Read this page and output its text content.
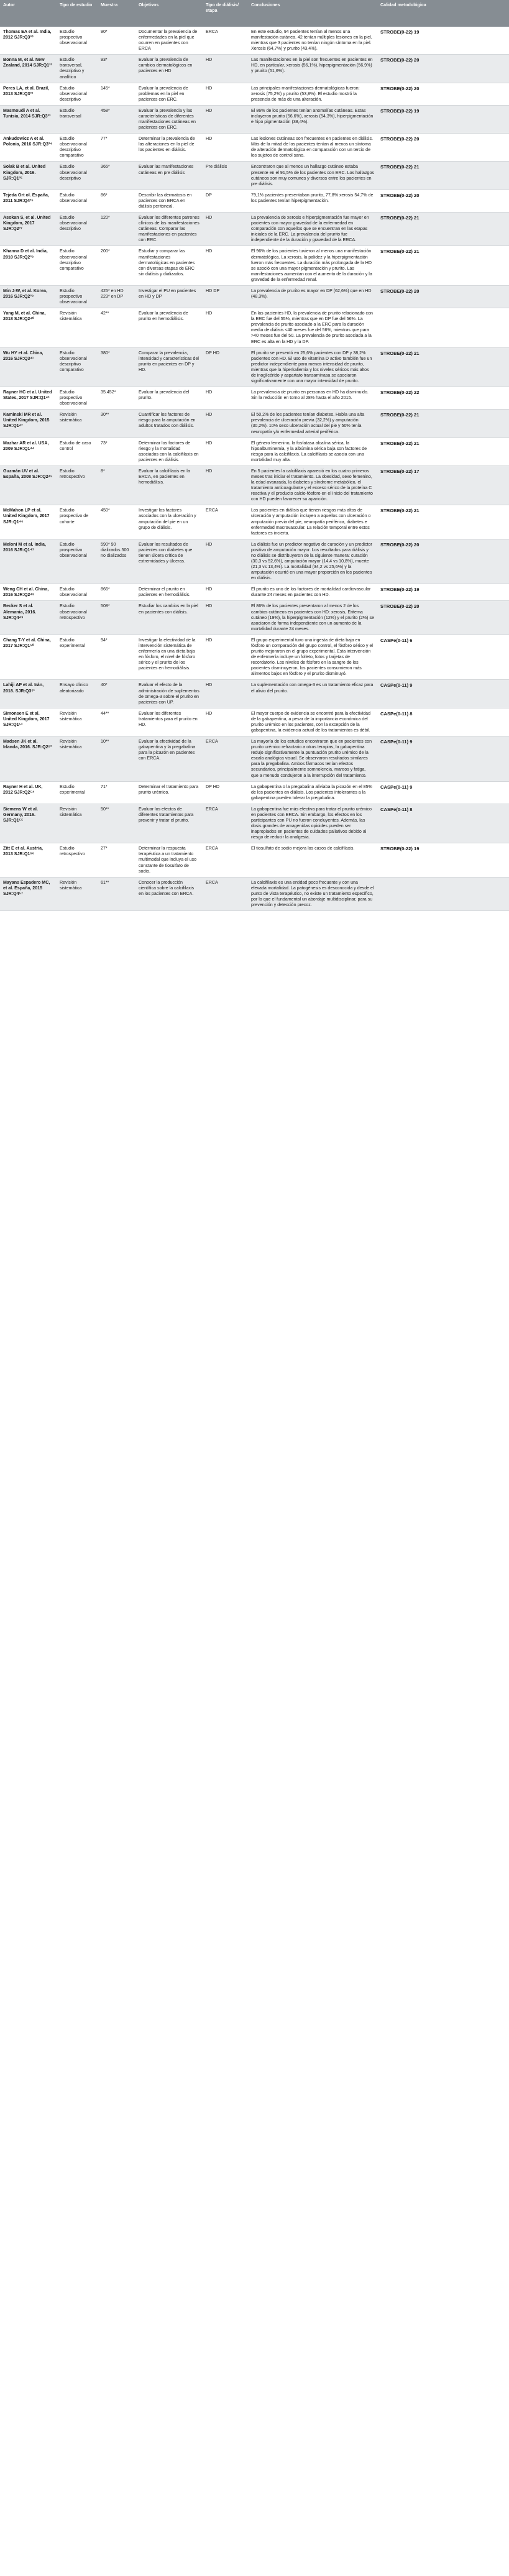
Autor	Tipo de estudio	Muestra	Objetivos	Tipo de diálisis/ etapa	Conclusiones	Calidad metodológica
Thomas EA et al. India, 2012 SJR:Q3³⁰	Estudio prospectivo observacional	90*	Documentar la prevalencia de enfermedades en la piel que ocurren en pacientes con ERCA	ERCA	En este estudio, 94 pacientes tenían al menos una manifestación cutánea. 42 tenían múltiples lesiones en la piel, mientras que 3 pacientes no tenían ningún síntoma en la piel. Xerosis (64,7%) y prurito (43,4%).	STROBE(0-22) 19
Bonna M, et al. New Zealand, 2014 SJR:Q1³¹	Estudio transversal, descriptivo y analítico	93*	Evaluar la prevalencia de cambios dermatológicos en pacientes en HD	HD	Las manifestaciones en la piel son frecuentes en pacientes en HD, en particular, xerosis (56,1%), hiperpigmentación (56,9%) y prurito (51,6%).	STROBE(0-22) 20
Peres LA, et al. Brazil, 2013 SJR:Q3³²	Estudio observacional descriptivo	145*	Evaluar la prevalencia de problemas en la piel en pacientes con ERC.	HD	Las principales manifestaciones dermatológicas fueron: xerosis (75,2%) y prurito (53,8%). El estudio mostró la presencia de más de una alteración.	STROBE(0-22) 20
Masmoudi A et al. Tunisia, 2014 SJR:Q3³³	Estudio transversal	458*	Evaluar la prevalencia y las características de diferentes manifestaciones cutáneas en pacientes con ERC.	HD	El 86% de los pacientes tenían anomalías cutáneas. Estas incluyeron prurito (56,6%), xerosis (54,3%), hiperpigmentación e hipo pigmentación (38,4%).	STROBE(0-22) 19
Ankudowicz A et al. Polonia, 2016 SJR:Q3³⁴	Estudio observacional descriptivo comparativo	77*	Determinar la prevalencia de las alteraciones en la piel de los pacientes en diálisis.	HD	Las lesiones cutáneas son frecuentes en pacientes en diálisis. Más de la mitad de los pacientes tenían al menos un síntoma de alteración dermatológica en comparación con un tercio de los sujetos de control sano.	STROBE(0-22) 20
Solak B et al. United Kingdom, 2016. SJR:Q1³⁵	Estudio observacional descriptivo	365*	Evaluar las manifestaciones cutáneas en pre diálisis	Pre diálisis	Encontraron que al menos un hallazgo cutáneo estaba presente en el 91,5% de los pacientes con ERC. Los hallazgos cutáneos son muy comunes y diversos entre los pacientes en pre diálisis.	STROBE(0-22) 21
Tejeda Ort ol. España, 2011 SJR:Q4³⁶	Estudio observacional	86*	Describir las dermatosis en pacientes con ERCA en diálisis peritoneal.	DP	79,1% pacientes presentaban prurito, 77,8% xerosis 54,7% de los pacientes tenían hiperpigmentación.	STROBE(0-22) 20
Asokan S, et al. United Kingdom, 2017 SJR:Q2³⁷	Estudio observacional descriptivo	120*	Evaluar los diferentes patrones clínicos de las manifestaciones cutáneas. Comparar las manifestaciones en pacientes con ERC.	HD	La prevalencia de xerosis e hiperpigmentación fue mayor en pacientes con mayor gravedad de la enfermedad en comparación con aquellos que se encuentran en las etapas iniciales de la ERC. La prevalencia del prurito fue independiente de la duración y gravedad de la ERCA.	STROBE(0-22) 21
Khanna D et al. India, 2010 SJR:Q2³⁸	Estudio observacional descriptivo comparativo	200*	Estudiar y comparar las manifestaciones dermatológicas en pacientes con diversas etapas de ERC sin diálisis y dializados.	HD	El 96% de los pacientes tuvieron al menos una manifestación dermatológica. La xerosis, la palidez y la hiperpigmentación fueron más frecuentes. La duración más prolongada de la HD se asoció con una mayor pigmentación y prurito. Las manifestaciones aumentan con el aumento de la duración y la gravedad de la enfermedad renal.	STROBE(0-22) 21
Min J-W, et al. Korea, 2016 SJR:Q2³⁹	Estudio prospectivo observacional	425* en HD 223* en DP	Investigar el PU en pacientes en HD y DP	HD DP	La prevalencia de prurito es mayor en DP (62,6%) que en HD (48,3%).	STROBE(0-22) 20
Yang M, et al. China, 2018 SJR:Q2⁴⁰	Revisión sistemática	42**	Evaluar la prevalencia de prurito en hemodiálisis.	HD	En las pacientes HD, la prevalencia de prurito relacionado con la ERC fue del 55%, mientras que en DP fue del 56%. La prevalencia de prurito asociado a la ERC para la duración media de diálisis <40 meses fue del 56%, mientras que para >40 meses fue del 50. La prevalencia de prurito asociada a la ERC es alta en la HD y la DP.	
Wu HY et al. China, 2016 SJR:Q3⁴¹	Estudio observacional descriptivo comparativo	380*	Comparar la prevalencia, intensidad y características del prurito en pacientes en DP y HD.	DP HD	El prurito se presentó en 25,6% pacientes con DP y 38,2% pacientes con HD. El uso de vitamina D activo también fue un predictor independiente para menos intensidad de prurito, mientras que la hiperkaliemia y los niveles séricos más altos de inoglicérido y aspartato transaminasa se asociaron significativamente con una mayor intensidad de prurito.	STROBE(0-22) 21
Rayner HC et al. United States, 2017 SJR:Q1⁴²	Estudio prospectivo observacional	35.452*	Evaluar la prevalencia del prurito.	HD	La prevalencia de prurito en personas en HD ha disminuido. Sin la reducción en torno al 28% hasta el año 2015.	STROBE(0-22) 22
Kaminski MR et al. United Kingdom, 2015 SJR:Q1⁴³	Revisión sistemática	30**	Cuantificar los factores de riesgo para la amputación en adultos tratados con diálisis.	HD	El 50,2% de los pacientes tenían diabetes. Había una alta prevalencia de ulceración previa (32,2%) y amputación (30,2%). 10% sexo ulceración actual del pie y 50% tenía neuropatía y/o enfermedad arterial periférica.	STROBE(0-22) 21
Mazhar AR et al. USA, 2009 SJR:Q1⁴⁴	Estudio de caso control	73*	Determinar los factores de riesgo y la mortalidad asociados con la calcifilaxis en pacientes en diálisis.	HD	El género femenino, la fosfatasa alcalina sérica, la hipoalbuminemia, y la albúmina sérica baja son factores de riesgo para la calcifilaxis. La calcifilaxis se asocia con una mortalidad muy alta.	STROBE(0-22) 21
Guzmán UV et al. España, 2008 SJR:Q2⁴⁵	Estudio retrospectivo	8*	Evaluar la calcifilaxis en la ERCA, en pacientes en hemodiálisis.	HD	En 5 pacientes la calcifilaxis apareció en los cuatro primeros meses tras iniciar el tratamiento. La obesidad, sexo femenino, la edad avanzada, la diabetes y síndrome metabólico, el tratamiento anticoagulante y el exceso sérico de la proteína C reactiva y el producto calcio-fósforo en el inicio del tratamiento con HD pueden favorecer su aparición.	STROBE(0-22) 17
McMahon LP et al. United Kingdom, 2017 SJR:Q1⁴⁶	Estudio prospectivo de cohorte	450*	Investigar los factores asociados con la ulceración y amputación del pie en un grupo de diálisis.	ERCA	Los pacientes en diálisis que tienen riesgos más altos de ulceración y amputación incluyen a aquellos con ulceración o amputación previa del pie, neuropatía periférica, diabetes e enfermedad macrovascular. La relación temporal entre estos factores es incierta.	STROBE(0-22) 21
Meloni M et al. India, 2016 SJR:Q1⁴⁷	Estudio prospectivo observacional	590* 90 dializados 500 no dializados	Evaluar los resultados de pacientes con diabetes que tienen úlcera crítica de extremidades y úlceras.	HD	La diálisis fue un predictor negativo de curación y un predictor positivo de amputación mayor. Los resultados para diálisis y no diálisis se distribuyeron de la siguiente manera: curación (30,3 vs 52,6%), amputación mayor (14,4 vs 10,8%), muerte (21,3 vs 13,4%). La mortalidad (34,2 vs 25,6%) y la amputación ocurrió en una mayor proporción en los pacientes en diálisis.	STROBE(0-22) 20
Weng CH et al. China, 2016 SJR:Q2⁴⁸	Estudio observacional	866*	Determinar el prurito en pacientes en hemodiálisis.	HD	El prurito es uno de los factores de mortalidad cardiovascular durante 24 meses en pacientes con HD.	STROBE(0-22) 19
Becker S et al. Alemania, 2016. SJR:Q4⁴⁹	Estudio observacional retrospectivo	508*	Estudiar los cambios en la piel en pacientes con diálisis.	HD	El 86% de los pacientes presentaron al menos 2 de los cambios cutáneos en pacientes con HD: xerosis, Eritema cutáneo (19%), la hiperpigmentación (12%) y el prurito (2%) se asociaron de forma independiente con un aumento de la mortalidad durante 24 meses.	STROBE(0-22) 20
Chang T-Y et al. China, 2017 SJR:Q1⁵⁰	Estudio experimental	94*	Investigar la efectividad de la intervención sistemática de enfermería en una dieta baja en fósforo, el nivel de fósforo sérico y el prurito de los pacientes en hemodiálisis.	HD	El grupo experimental tuvo una ingesta de dieta baja en fósforo un comparación del grupo control, el fósforo sérico y el prurito mejoraron en el grupo experimental. Esta intervención de enfermería incluye un folleto, fotos y tarjetas de recordatorio. Los niveles de fósforo en la sangre de los pacientes disminuyeron, los pacientes consumieron más alimentos bajos en fósforo y el prurito disminuyó.	CASPe(0-11) 6
Lahiji AP et al. Irán, 2018. SJR:Q3⁵¹	Ensayo clínico aleatorizado	40*	Evaluar el efecto de la administración de suplementos de omega-3 sobre el prurito en pacientes con UP.	HD	La suplementación con omega-3 es un tratamiento eficaz para el alivio del prurito.	CASPe(0-11) 9
Simonsen E et al. United Kingdom, 2017 SJR:Q1⁵²	Revisión sistemática	44**	Evaluar los diferentes tratamientos para el prurito en HD.	HD	El mayor cuerpo de evidencia se encontró para la efectividad de la gabapentina, a pesar de la importancia económica del prurito urémico en los pacientes, con la excepción de la gabapentina, la evidencia actual de los tratamientos es débil.	CASPe(0-11) 8
Madsen JK et al. Irlanda, 2016. SJR:Q2⁵³	Revisión sistemática	10**	Evaluar la efectividad de la gabapentina y la pregabalina para la picazón en pacientes con ERCA.	ERCA	La mayoría de los estudios encontraron que en pacientes con prurito urémico refractario a otras terapias, la gabapentina redujo significativamente la puntuación prurito urémico de la escala analógica visual. Se observaron resultados similares para la pregabalina. Ambos fármacos tenían efectos secundarios, principalmente somnolencia, mareos y fatiga, que a menudo condujeron a la interrupción del tratamiento.	CASPe(0-11) 9
Rayner H et al. UK, 2012 SJR:Q2⁵⁴	Estudio experimental	71*	Determinar el tratamiento para prurito urémico.	DP HD	La gabapentina o la pregabalina aliviaba la picazón en el 85% de los pacientes en diálisis. Los pacientes intolerantes a la gabapentina pueden tolerar la pregabalina.	CASPe(0-11) 9
Siemens W et al. Germany, 2016. SJR:Q1⁵⁵	Revisión sistemática	50**	Evaluar los efectos de diferentes tratamientos para prevenir y tratar el prurito.	ERCA	La gabapentina fue más efectiva para tratar el prurito urémico en pacientes con ERCA. Sin embargo, los efectos en los participantes con PU no fueron concluyentes. Además, las dosis grandes de amagenidas opioides pueden ser inapropiados en pacientes de cuidados paliativos debido al riesgo de reducir la analgesia.	CASPe(0-11) 8
Zitt E et al. Austria, 2013 SJR:Q1⁵⁶	Estudio retrospectivo	27*	Determinar la respuesta terapéutica a un tratamiento multimodal que incluya el uso constante de tiosulfato de sodio.	ERCA	El tiosulfato de sodio mejora los casos de calcifilaxis.	STROBE(0-22) 19
Mayans Espadero MC, et al. España, 2015 SJR:Q4⁵⁷	Revisión sistemática	61**	Conocer la producción científica sobre la calcifilaxis en los pacientes con ERCA.	ERCA	La calcifilaxis es una entidad poco frecuente y con una elevada mortalidad. La patogénesis es desconocida y desde el punto de vista terapéutico, no existe un tratamiento específico, por lo que el fundamental un abordaje multidisciplinar, para su prevención y detección precoz.	
